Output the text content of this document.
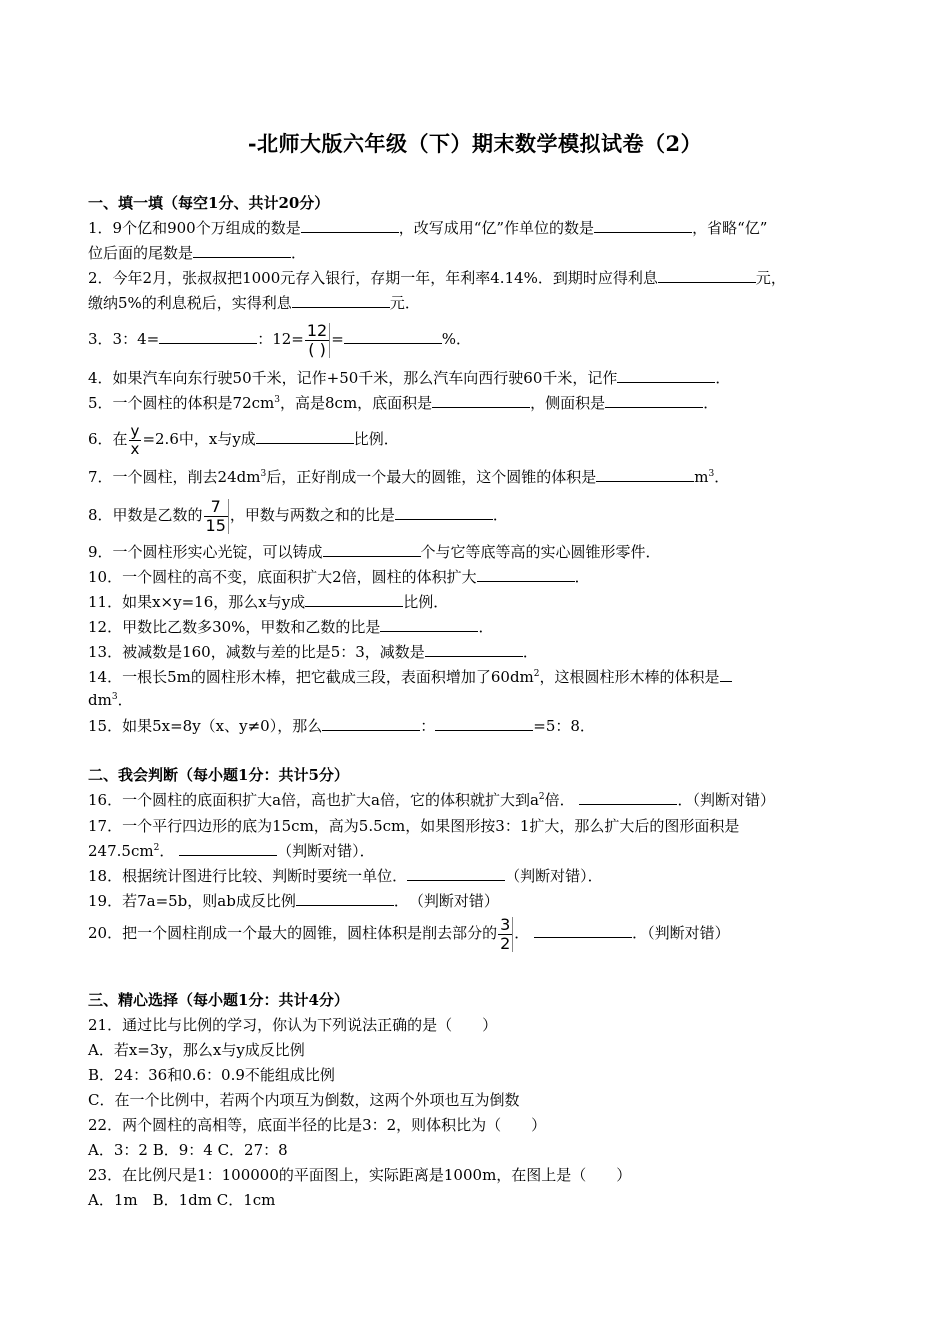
-北师大版六年级（下）期末数学模拟试卷（2）
一、填一填（每空1分、共计20分）
1．9个亿和900个万组成的数是	，改写成用“亿”作单位的数是	，省略“亿”
位后面的尾数是	．
2．今年2月，张叔叔把1000元存入银行，存期一年，年利率4.14%．到期时应得利息	元，
缴纳5%的利息税后，实得利息	元．
3．3：4=	：$12= \frac{12}{( )}$ =	%．
4．如果汽车向东行驶50千米，记作+50千米，那么汽车向西行驶60千米，记作	．
5．一个圆柱的体积是$72cm^3$，高是8cm，底面积是	，侧面积是	．
6．在 $\frac{y}{x} =2.6$中，x与y成	比例．
7．一个圆柱，削去$24dm^3$后，正好削成一个最大的圆锥，这个圆锥的体积是	$m^3$．
8．甲数是乙数的 $\frac{7}{15}$ ，甲数与两数之和的比是	．
9．一个圆柱形实心光锭，可以铸成	个与它等底等高的实心圆锥形零件．
10．一个圆柱的高不变，底面积扩大2倍，圆柱的体积扩大	．
11．如果x×y=16，那么x与y成	比例．
12．甲数比乙数多30%，甲数和乙数的比是	．
13．被减数是160，减数与差的比是5：3，减数是	．
14．一根长5m的圆柱形木棒，把它截成三段，表面积增加了$60dm^2$，这根圆柱形木棒的体积是
$dm^3$．
15．如果5x=8y（x、y≠0），那么	：	=5：8．
二、我会判断（每小题1分：共计5分）
16．一个圆柱的底面积扩大a倍，高也扩大a倍，它的体积就扩大到$a^2$倍．	．（判断对错）
17．一个平行四边形的底为15cm，高为5.5cm，如果图形按3：1扩大，那么扩大后的图形面积是
$247.5cm^2$．	（判断对错）．
18．根据统计图进行比较、判断时要统一单位．	（判断对错）．
19．若7a=5b，则ab成反比例	．　（判断对错）
20．把一个圆柱削成一个最大的圆锥，圆柱体积是削去部分的 $\frac{3}{2}$ ．	．（判断对错）
三、精心选择（每小题1分：共计4分）
21．通过比与比例的学习，你认为下列说法正确的是（　　）
A．若x=3y，那么x与y成反比例
B．24：36和0.6：0.9不能组成比例
C．在一个比例中，若两个内项互为倒数，这两个外项也互为倒数
22．两个圆柱的高相等，底面半径的比是3：2，则体积比为（　　）
A．3：2 B．9：4 C．27：8
23．在比例尺是1：100000的平面图上，实际距离是1000m，在图上是（　　）
A．1m　B．1dm C．1cm
